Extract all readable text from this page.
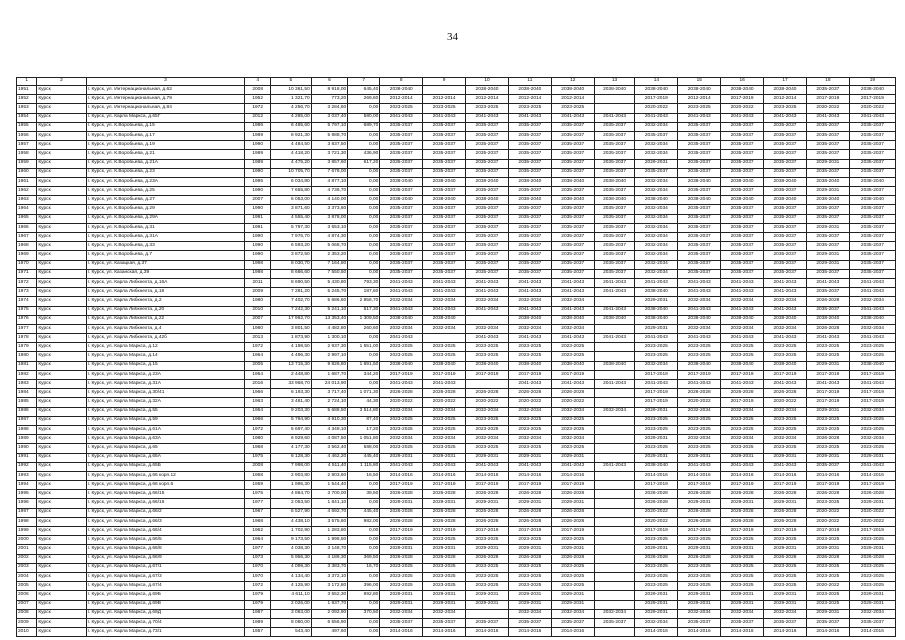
34
1	2	3	4	5	6	7	8	9	10	11	12	13	14	15	16	17	18	19
1951	Курск	г. Курск, ул. Интернациональная, д.62	2008	10 361,50	8 918,00	645,40	2038-2040		2038-2040	2038-2040	2038-2040	2038-2040	2038-2040	2038-2040	2038-2040	2038-2040	2035-2037	2038-2040
1952	Курск	г. Курск, ул. Интернациональная, д.79	1952	1 321,70	773,20	269,60	2012-2014	2012-2014	2012-2014	2012-2014	2012-2014		2017-2019	2012-2014	2017-2019	2012-2014	2017-2019	2017-2019
1953	Курск	г. Курск, ул. Интернациональная, д.84	1972	4 256,70	3 284,60	0,00	2023-2025	2023-2025	2023-2025	2023-2025	2023-2025		2020-2022	2023-2025	2020-2022	2023-2025	2020-2022	2020-2022
1954	Курск	г. Курск, ул. Карла Маркса, д.65Г	2012	4 285,00	3 037,40	580,00	2041-2043	2041-2043	2041-2043	2041-2043	2041-2043	2041-2043	2041-2043	2041-2043	2041-2043	2041-2043	2041-2043	2041-2043
1955	Курск	г. Курск, ул. К.Воробьева, д.15	1986	6 485,60	5 797,10	689,70	2035-2037	2035-2037	2035-2037	2035-2037	2035-2037	2035-2037	2032-2034	2035-2037	2035-2037	2035-2037	2035-2037	2035-2037
1956	Курск	г. Курск, ул. К.Воробьева, д.17	1989	8 921,30	5 988,70	0,00	2035-2037	2035-2037	2035-2037	2035-2037	2035-2037	2035-2037	2035-2037	2035-2037	2035-2037	2035-2037	2035-2037	2035-2037
1957	Курск	г. Курск, ул. К.Воробьева, д.19	1990	4 484,50	3 837,50	0,00	2035-2037	2035-2037	2035-2037	2035-2037	2035-2037	2035-2037	2032-2034	2035-2037	2035-2037	2035-2037	2035-2037	2035-2037
1958	Курск	г. Курск, ул. К.Воробьева, д.21	1989	4 418,20	3 721,30	436,90	2035-2037	2035-2037	2035-2037	2035-2037	2035-2037	2035-2037	2032-2034	2035-2037	2035-2037	2035-2037	2035-2037	2035-2037
1959	Курск	г. Курск, ул. К.Воробьева, д.21А	1989	4 475,20	3 857,60	617,20	2035-2037	2035-2037	2035-2037	2035-2037	2035-2037	2035-2037	2029-2031	2035-2037	2035-2037	2035-2037	2029-2031	2035-2037
1960	Курск	г. Курск, ул. К.Воробьева, д.23	1990	10 705,70	7 678,00	0,00	2035-2037	2035-2037	2035-2037	2035-2037	2035-2037	2035-2037	2035-2037	2035-2037	2035-2037	2035-2037	2035-2037	2035-2037
1961	Курск	г. Курск, ул. К.Воробьева, д.23А	1995	6 034,80	4 877,10	0,00	2038-2040	2038-2040	2038-2040	2038-2040	2038-2040	2038-2040	2032-2034	2038-2040	2038-2040	2038-2040	2038-2040	2038-2040
1962	Курск	г. Курск, ул. К.Воробьева, д.25	1990	7 655,80	4 736,70	0,00	2035-2037	2035-2037	2035-2037	2035-2037	2035-2037	2035-2037	2032-2034	2035-2037	2035-2037	2035-2037	2029-2031	2035-2037
1963	Курск	г. Курск, ул. К.Воробьева, д.27	2007	6 053,00	4 140,00	0,00	2038-2040	2038-2040	2038-2040	2038-2040	2038-2040	2038-2040	2038-2040	2038-2040	2038-2040	2038-2040	2038-2040	2038-2040
1964	Курск	г. Курск, ул. К.Воробьева, д.29	1990	3 871,60	3 373,60	0,00	2035-2037	2035-2037	2035-2037	2035-2037	2035-2037	2035-2037	2032-2034	2035-2037	2035-2037	2035-2037	2035-2037	2035-2037
1965	Курск	г. Курск, ул. К.Воробьева, д.29А	1991	4 555,40	3 878,00	0,00	2035-2037	2035-2037	2035-2037	2035-2037	2035-2037	2035-2037	2032-2034	2035-2037	2035-2037	2035-2037	2035-2037	2035-2037
1966	Курск	г. Курск, ул. К.Воробьева, д.31	1991	5 797,30	3 553,10	0,00	2035-2037	2035-2037	2035-2037	2035-2037	2035-2037	2035-2037	2032-2034	2035-2037	2035-2037	2035-2037	2029-2031	2035-2037
1967	Курск	г. Курск, ул. К.Воробьева, д.31А	1990	7 976,70	4 874,30	0,00	2035-2037	2035-2037	2035-2037	2035-2037	2035-2037	2035-2037	2032-2034	2035-2037	2035-2037	2035-2037	2035-2037	2035-2037
1968	Курск	г. Курск, ул. К.Воробьева, д.33	1990	6 593,20	5 068,70	0,00	2035-2037	2035-2037	2035-2037	2035-2037	2035-2037	2035-2037	2032-2034	2035-2037	2035-2037	2035-2037	2035-2037	2035-2037
1969	Курск	г. Курск, ул. К.Воробьева, д.7	1990	3 872,50	2 353,20	0,00	2035-2037	2035-2037	2035-2037	2035-2037	2035-2037	2035-2037	2032-2034	2035-2037	2035-2037	2035-2037	2029-2031	2035-2037
1970	Курск	г. Курск, ул. Казацкая, д.37	1998	8 030,70	7 164,80	0,00	2035-2037	2035-2037	2035-2037	2035-2037	2035-2037	2035-2037	2032-2034	2035-2037	2035-2037	2035-2037	2029-2031	2035-2037
1971	Курск	г. Курск, ул. Казанская, д.39	1998	8 686,60	7 550,50	0,00	2035-2037	2035-2037	2035-2037	2035-2037	2035-2037	2035-2037	2032-2034	2035-2037	2035-2037	2035-2037	2035-2037	2035-2037
1972	Курск	г. Курск, ул. Карла Либкнехта, д.16А	2011	8 690,50	5 430,80	793,30	2041-2043	2041-2043	2041-2043	2041-2043	2041-2043	2041-2043	2041-2043	2041-2043	2041-2043	2041-2043	2041-2043	2041-2043
1973	Курск	г. Курск, ул. Карла Либкнехта, д.18	2009	7 281,20	5 245,70	187,60	2041-2043	2041-2043	2041-2043	2041-2043	2041-2043	2041-2043	2038-2040	2041-2043	2041-2043	2041-2043	2035-2037	2041-2043
1974	Курск	г. Курск, ул. Карла Либкнехта, д.2	1980	7 402,70	5 686,60	2 856,70	2032-2034	2032-2034	2032-2034	2032-2034	2032-2034		2029-2031	2032-2034	2032-2034	2032-2034	2026-2028	2032-2034
1975	Курск	г. Курск, ул. Карла Либкнехта, д.20	2010	7 242,30	5 241,10	517,30	2041-2043	2041-2043	2041-2043	2041-2043	2041-2043	2041-2043	2038-2040	2041-2043	2041-2043	2041-2043	2035-2037	2041-2043
1976	Курск	г. Курск, ул. Карла Либкнехта, д.22	2007	17 962,70	13 353,40	1 309,50	2038-2040	2038-2040		2038-2040	2038-2040	2038-2040	2038-2040	2038-2040	2038-2040	2038-2040	2038-2040	2038-2040
1977	Курск	г. Курск, ул. Карла Либкнехта, д.4	1980	3 801,50	4 482,80	260,60	2032-2034	2032-2034	2032-2034	2032-2034	2032-2034		2029-2031	2032-2034	2032-2034	2032-2034	2026-2028	2032-2034
1978	Курск	г. Курск, ул. Карла Либкнехта, д.42б	2013	1 873,90	1 300,10	0,00	2041-2043		2041-2043	2041-2043	2041-2043	2041-2043	2041-2043	2041-2043	2041-2043	2041-2043	2041-2043	2041-2043
1979	Курск	г. Курск, ул. Карла Маркса, д.12	1972	4 198,50	2 937,30	1 551,00	2023-2025	2023-2025	2023-2025	2023-2025	2023-2025		2023-2025	2023-2025	2023-2025	2023-2025	2023-2025	2023-2025
1980	Курск	г. Курск, ул. Карла Маркса, д.14	1964	4 496,30	2 997,10	0,00	2023-2025	2023-2025	2023-2025	2023-2025	2023-2025		2023-2025	2023-2025	2023-2025	2023-2025	2023-2025	2023-2025
1981	Курск	г. Курск, ул. Карла Маркса, д.15	2005	13 715,30	9 826,80	1 691,50	2038-2040	2038-2040	2038-2040	2038-2040	2038-2040	2038-2040	2032-2034	2038-2040	2038-2040	2038-2040	2029-2031	2038-2040
1982	Курск	г. Курск, ул. Карла Маркса, д.23А	1954	2 448,80	1 687,70	344,20	2017-2019	2017-2019	2017-2019	2017-2019	2017-2019		2017-2019	2017-2019	2017-2019	2017-2019	2017-2019	2017-2019
1983	Курск	г. Курск, ул. Карла Маркса, д.31А	2016	33 958,70	24 013,90	0,00	2041-2043	2041-2043		2041-2043	2041-2043	2041-2043	2041-2043	2041-2043	2041-2043	2041-2043	2041-2043	2041-2043
1984	Курск	г. Курск, ул. Карла Маркса, д.30/41	1966	6 193,30	3 717,40	1 071,30	2026-2028	2026-2028	2026-2028	2026-2028	2026-2028		2017-2019	2026-2028	2026-2028	2026-2028	2017-2019	2017-2019
1985	Курск	г. Курск, ул. Карла Маркса, д.32А	1963	3 481,40	2 724,10	44,30	2020-2022	2020-2022	2020-2022	2020-2022	2020-2022		2017-2019	2020-2022	2017-2019	2020-2022	2017-2019	2017-2019
1986	Курск	г. Курск, ул. Карла Маркса, д.55	1964	9 203,30	5 688,50	3 514,80	2032-2034	2032-2034	2032-2034	2032-2034	2032-2034	2032-2034	2029-2031	2032-2034	2032-2034	2032-2034	2029-2031	2032-2034
1987	Курск	г. Курск, ул. Карла Маркса, д.59	1966	5 794,90	4 910,30	87,40	2023-2025	2023-2025	2023-2025	2023-2025	2023-2025		2023-2025	2023-2025	2023-2025	2023-2025	2023-2025	2023-2025
1988	Курск	г. Курск, ул. Карла Маркса, д.61А	1972	5 697,40	4 349,10	17,20	2023-2025	2023-2025	2023-2025	2023-2025	2023-2025		2023-2025	2023-2025	2023-2025	2023-2025	2023-2025	2023-2025
1989	Курск	г. Курск, ул. Карла Маркса, д.63А	1980	6 929,60	4 087,50	1 051,80	2032-2034	2032-2034	2032-2034	2032-2034	2032-2034		2029-2031	2032-2034	2032-2034	2032-2034	2026-2028	2032-2034
1990	Курск	г. Курск, ул. Карла Маркса, д.65	1968	4 177,30	3 562,40	588,00	2023-2025	2023-2025	2023-2025	2023-2025	2023-2025		2023-2025	2023-2025	2023-2025	2023-2025	2023-2025	2023-2025
1991	Курск	г. Курск, ул. Карла Маркса, д.65А	1975	6 128,30	4 462,20	445,40	2029-2031	2029-2031	2029-2031	2029-2031	2029-2031		2029-2031	2029-2031	2029-2031	2029-2031	2029-2031	2029-2031
1992	Курск	г. Курск, ул. Карла Маркса, д.65Б	2008	7 998,00	4 511,40	1 115,80	2041-2043	2041-2043	2041-2043	2041-2043	2041-2043	2041-2043	2038-2040	2041-2043	2041-2043	2041-2043	2035-2037	2041-2043
1993	Курск	г. Курск, ул. Карла Маркса, д.66 корп.12	1958	2 903,80	2 803,60	16,50	2014-2016	2014-2016	2014-2016	2014-2016	2014-2016		2014-2016	2014-2016	2014-2016	2014-2016	2014-2016	2014-2016
1994	Курск	г. Курск, ул. Карла Маркса, д.66 корп.6	1959	1 995,30	1 544,40	0,00	2017-2019	2017-2019	2017-2019	2017-2019	2017-2019		2017-2019	2017-2019	2017-2019	2017-2019	2017-2019	2017-2019
1995	Курск	г. Курск, ул. Карла Маркса, д.66/15	1975	4 864,70	3 700,00	39,50	2026-2028	2026-2028	2026-2028	2026-2028	2026-2028		2026-2028	2026-2028	2026-2028	2026-2028	2026-2028	2026-2028
1996	Курск	г. Курск, ул. Карла Маркса, д.66/16	1977	2 053,50	1 841,10	0,00	2029-2031	2029-2031	2029-2031	2029-2031	2029-2031		2026-2028	2029-2031	2029-2031	2029-2031	2023-2025	2029-2031
1997	Курск	г. Курск, ул. Карла Маркса, д.66/2	1967	6 527,90	4 692,70	445,40	2026-2028	2026-2028	2026-2028	2026-2028	2026-2028		2020-2022	2026-2028	2026-2028	2026-2028	2020-2022	2020-2022
1998	Курск	г. Курск, ул. Карла Маркса, д.66/3	1968	4 438,10	3 575,60	982,00	2026-2028	2026-2028	2026-2028	2026-2028	2026-2028		2020-2022	2026-2028	2026-2028	2026-2028	2020-2022	2020-2022
1999	Курск	г. Курск, ул. Карла Маркса, д.66/4	1962	1 702,90	1 283,80	0,00	2017-2019	2017-2019	2017-2019	2017-2019	2017-2019		2017-2019	2017-2019	2017-2019	2017-2019	2017-2019	2017-2019
2000	Курск	г. Курск, ул. Карла Маркса, д.66/5	1964	9 173,50	1 998,50	0,00	2023-2025	2023-2025	2023-2025	2023-2025	2023-2025		2023-2025	2023-2025	2023-2025	2023-2025	2023-2025	2023-2025
2001	Курск	г. Курск, ул. Карла Маркса, д.66/8	1977	4 038,30	3 148,70	0,00	2029-2031	2029-2031	2029-2031	2029-2031	2029-2031		2029-2031	2029-2031	2029-2031	2029-2031	2029-2031	2029-2031
2002	Курск	г. Курск, ул. Карла Маркса, д.66/9	1973	5 956,30	4 189,30	369,50	2026-2028	2026-2028	2026-2028	2026-2028	2026-2028		2026-2028	2026-2028	2026-2028	2026-2028	2026-2028	2026-2028
2003	Курск	г. Курск, ул. Карла Маркса, д.67/1	1970	4 099,30	3 383,70	16,70	2023-2025	2023-2025	2023-2025	2023-2025	2023-2025		2023-2025	2023-2025	2023-2025	2023-2025	2023-2025	2023-2025
2004	Курск	г. Курск, ул. Карла Маркса, д.67/3	1970	4 134,40	3 372,10	0,00	2023-2025	2023-2025	2023-2025	2023-2025	2023-2025		2023-2025	2023-2025	2023-2025	2023-2025	2023-2025	2023-2025
2005	Курск	г. Курск, ул. Карла Маркса, д.67/4	1972	4 125,90	3 172,80	396,00	2023-2025	2023-2025	2023-2025	2023-2025	2023-2025		2023-2025	2023-2025	2023-2025	2023-2025	2020-2022	2023-2025
2006	Курск	г. Курск, ул. Карла Маркса, д.69Б	1979	4 611,10	3 552,30	892,80	2029-2031	2029-2031	2029-2031	2029-2031	2029-2031		2029-2031	2029-2031	2029-2031	2029-2031	2023-2025	2029-2031
2007	Курск	г. Курск, ул. Карла Маркса, д.69В	1979	2 026,00	1 937,70	0,00	2029-2031	2029-2031	2029-2031	2029-2031	2029-2031		2029-2031	2029-2031	2029-2031	2029-2031	2023-2025	2029-2031
2008	Курск	г. Курск, ул. Карла Маркса, д.69Д	1987	3 063,00	2 092,90	370,50	2032-2034	2032-2034		2032-2034	2032-2034	2032-2034	2029-2031	2032-2034	2032-2034	2032-2034	2029-2031	2032-2034
2009	Курск	г. Курск, ул. Карла Маркса, д.70/4	1989	8 080,00	6 556,90	0,00	2035-2037	2035-2037	2035-2037	2035-2037	2035-2037	2035-2037	2032-2034	2035-2037	2035-2037	2035-2037	2035-2037	2035-2037
2010	Курск	г. Курск, ул. Карла Маркса, д.73/1	1957	543,40	497,60	0,00	2014-2016	2014-2016	2014-2016	2014-2016	2014-2016		2014-2016	2014-2016	2014-2016	2014-2016	2014-2016	2014-2016
